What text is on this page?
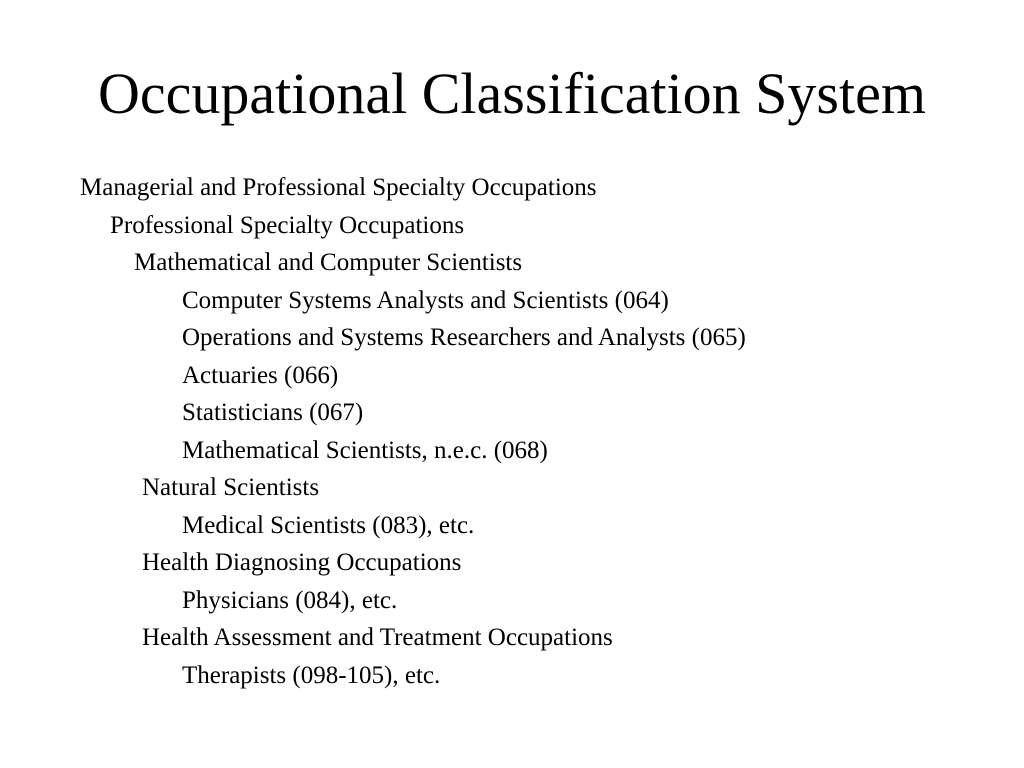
Occupational Classification System
Managerial and Professional Specialty Occupations
Professional Specialty Occupations
Mathematical and Computer Scientists
Computer Systems Analysts and Scientists (064)
Operations and Systems Researchers and Analysts (065)
Actuaries (066)
Statisticians (067)
Mathematical Scientists, n.e.c. (068)
Natural Scientists
Medical Scientists (083), etc.
Health Diagnosing Occupations
Physicians (084), etc.
Health Assessment and Treatment Occupations
Therapists (098-105), etc.
